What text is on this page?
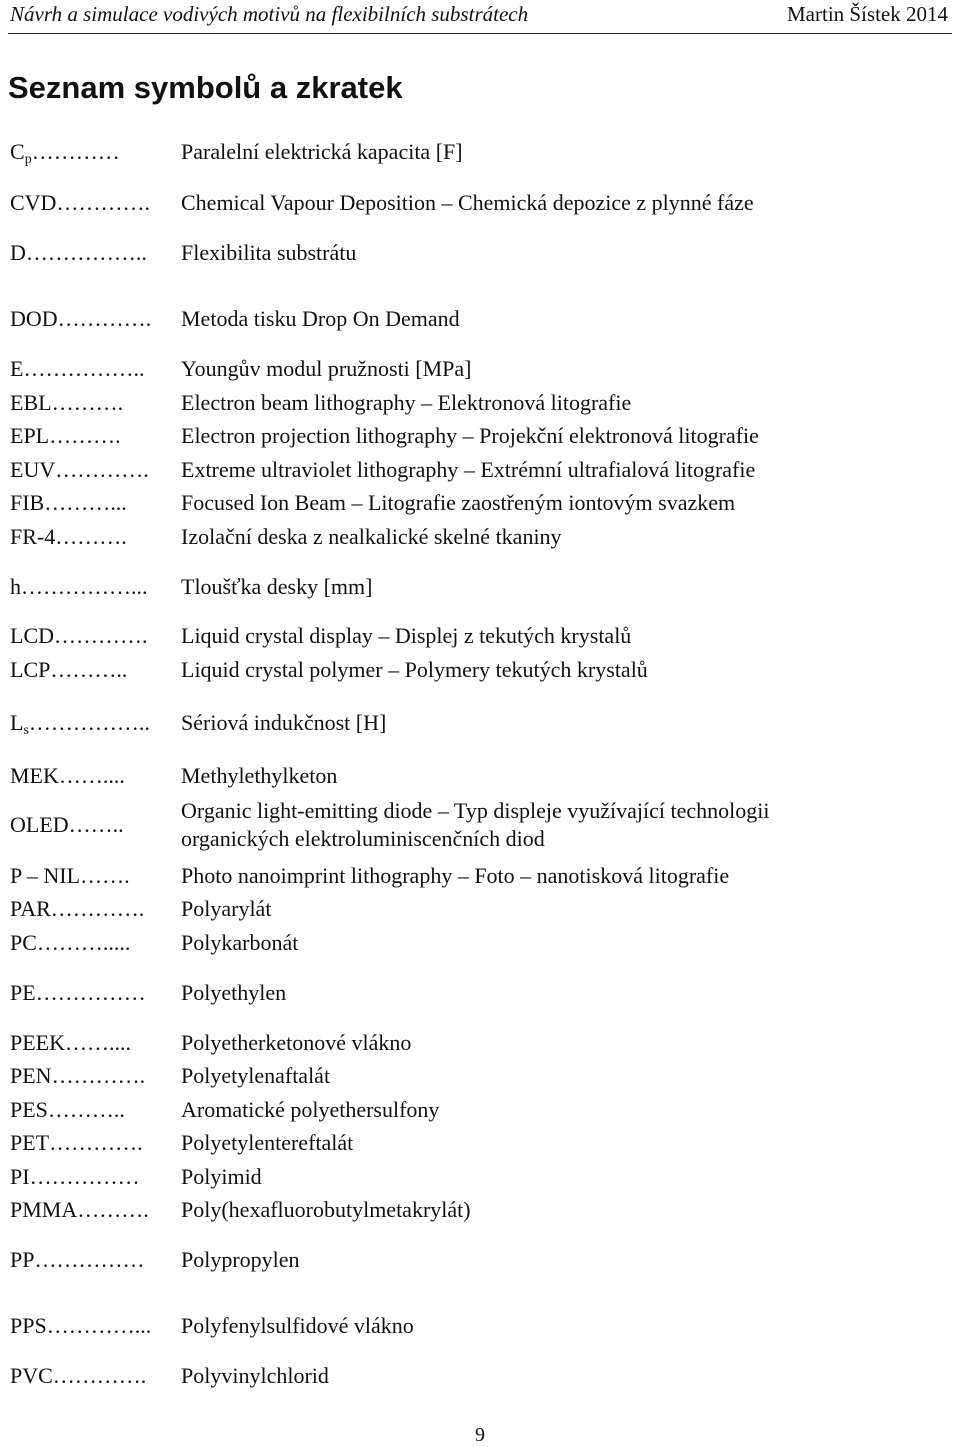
Návrh a simulace vodivých motivů na flexibilních substrátech	Martin Šístek 2014
Seznam symbolů a zkratek
$C_p\dots\dots\dots\dots$	Paralelní elektrická kapacita [F]
CVD…………. Chemical Vapour Deposition – Chemická depozice z plynné fáze
D…………….. Flexibilita substrátu
DOD…………. Metoda tisku Drop On Demand
E…………….. Youngův modul pružnosti [MPa]
EBL……….	Electron beam lithography – Elektronová litografie
EPL……….	Electron projection lithography – Projekční elektronová litografie
EUV…………. Extreme ultraviolet lithography – Extrémní ultrafialová litografie
FIB………... Focused Ion Beam – Litografie zaostřeným iontovým svazkem
FR-4………. Izolační deska z nealkalické skelné tkaniny
h……………... Tloušťka desky [mm]
LCD…………. Liquid crystal display – Displej z tekutých krystalů
LCP……….. Liquid crystal polymer – Polymery tekutých krystalů
$L_s\dots\dots\dots\dots\dots$.. Sériová indukčnost [H]
MEK……....	Methylethylketon
OLED……..
Organic light-emitting diode – Typ displeje využívající technologii
organických elektroluminiscenčních diod
P – NIL……. Photo nanoimprint lithography – Foto – nanotisková litografie
PAR…………. Polyarylát
PC………..... Polykarbonát
PE…………… Polyethylen
PEEK…….... Polyetherketonové vlákno
PEN…………. Polyetylenaftalát
PES………..	Aromatické polyethersulfony
PET…………. Polyetylentereftalát
PI…………… Polyimid
PMMA………. Poly(hexafluorobutylmetakrylát)
PP…………… Polypropylen
PPS…………... Polyfenylsulfidové vlákno
PVC…………. Polyvinylchlorid
9
